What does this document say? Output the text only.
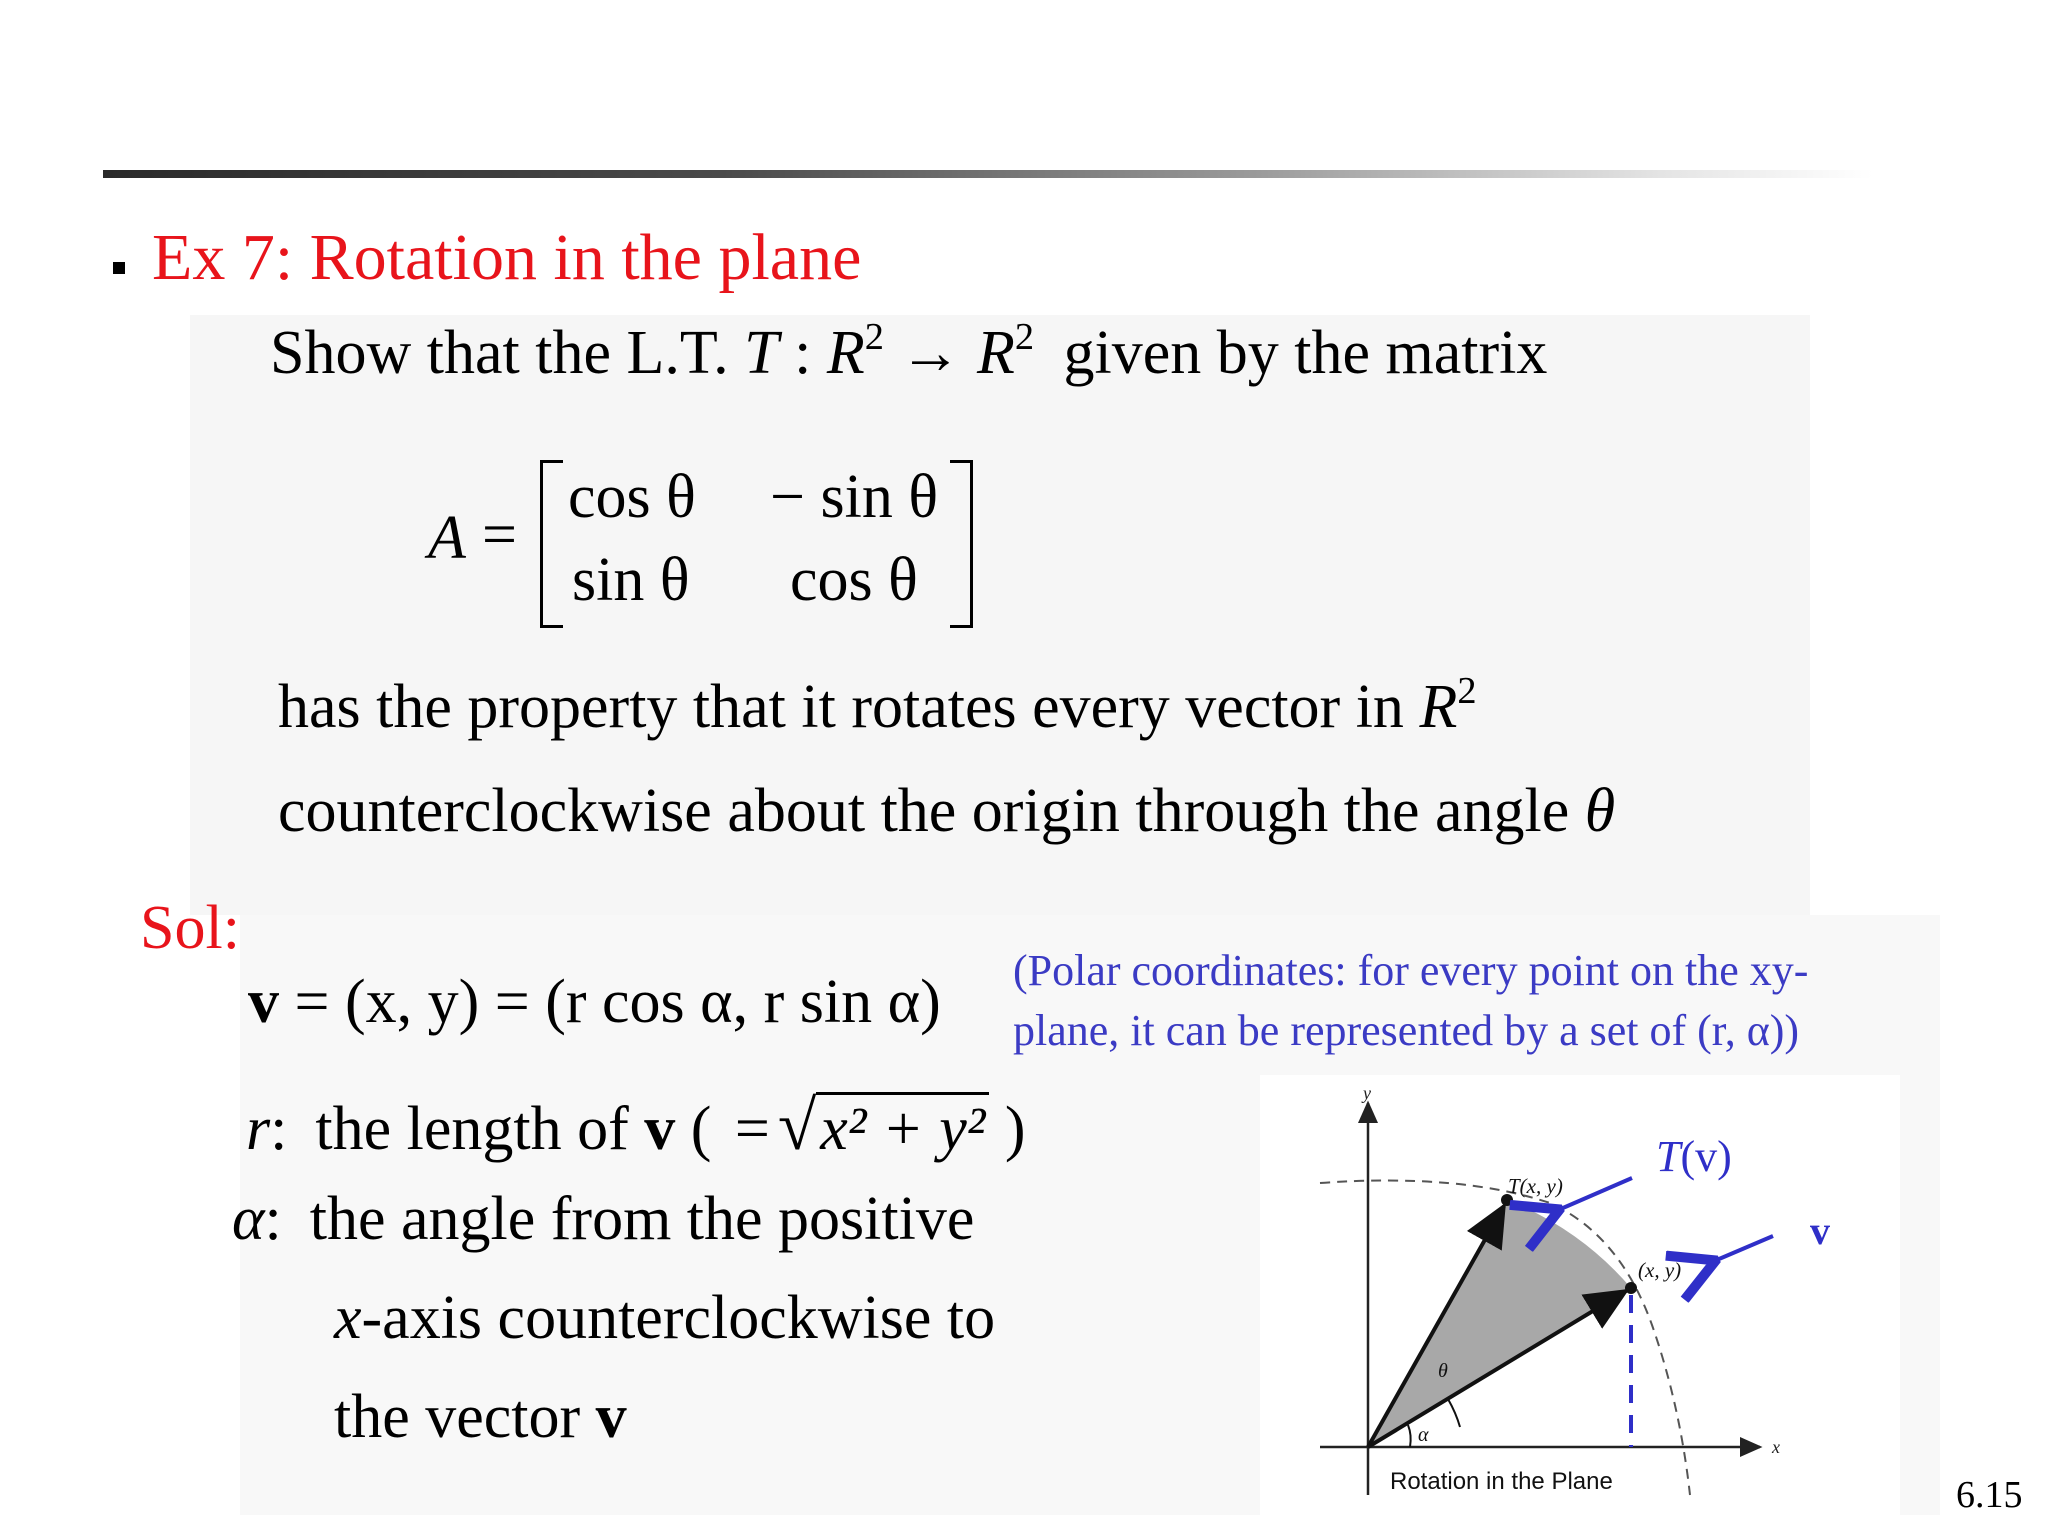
Ex 7: Rotation in the plane
Show that the L.T. T : $R^2 \to R^2$ given by the matrix
A =
cos θ − sin θ
sin θ cos θ
has the property that it rotates every vector in $R^2$
counterclockwise about the origin through the angle θ
Sol:
v = (x, y) = (r cos α, r sin α) (Polar coordinates: for every point on the xy-
plane, it can be represented by a set of (r, α))
r: the length of v ( = √x² + y² )
α: the angle from the positive
x-axis counterclockwise to
the vector v
y
x
θ
α
T(x, y)
(x, y)
T(v)
v
Rotation in the Plane	6.15
